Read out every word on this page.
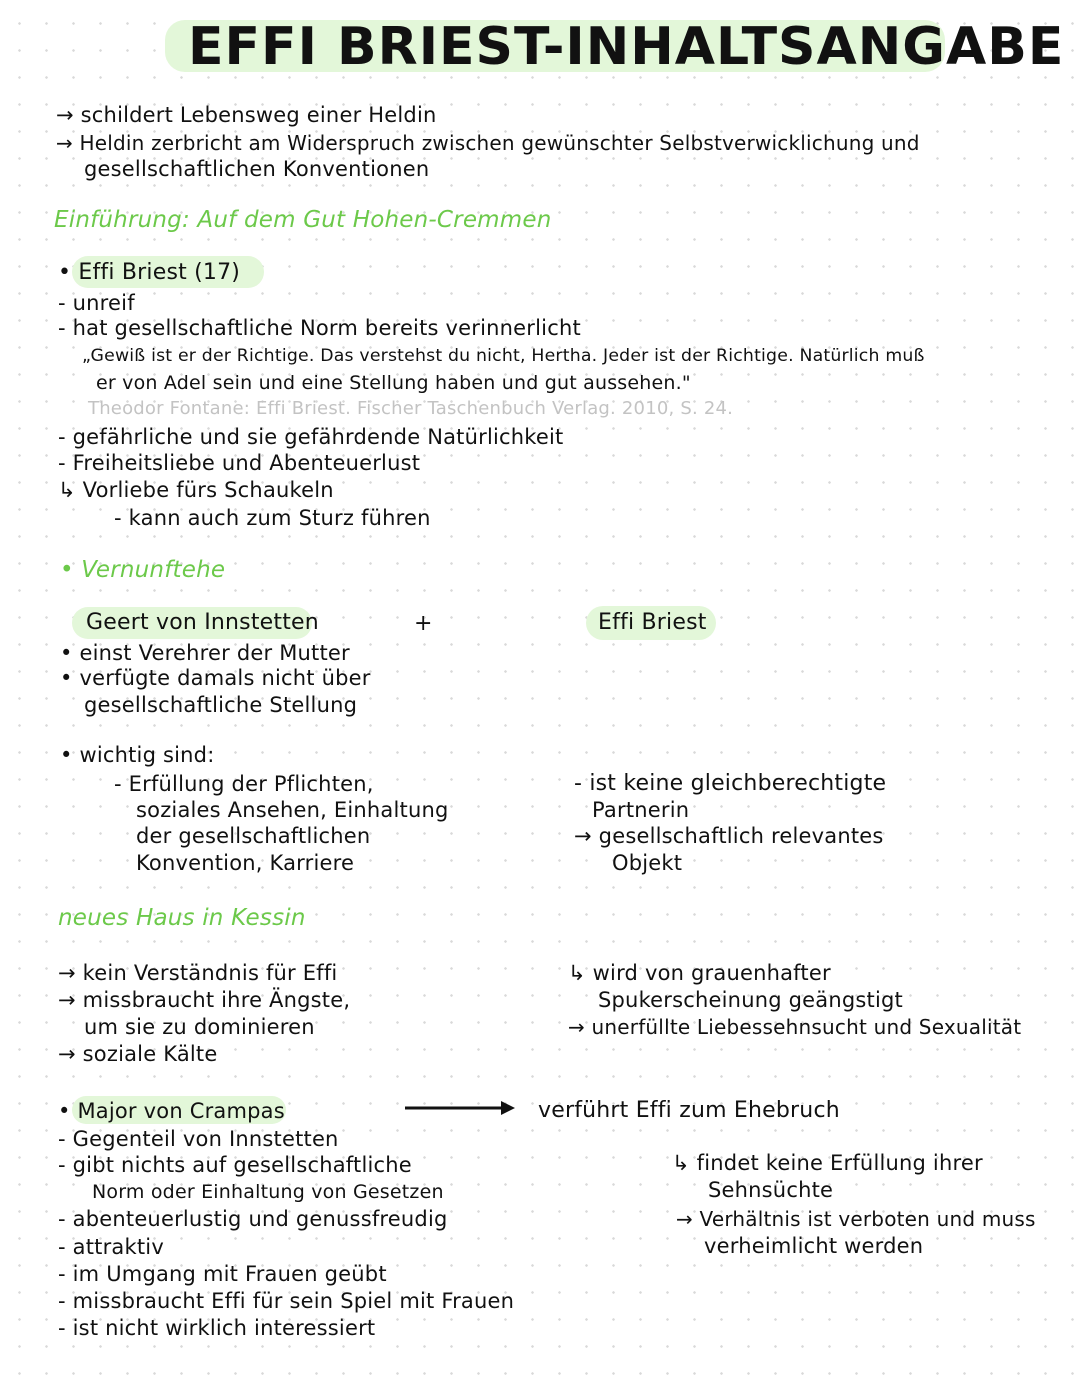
EFFI BRIEST-INHALTSANGABE
→ schildert Lebensweg einer Heldin
→ Heldin zerbricht am Widerspruch zwischen gewünschter Selbstverwicklichung und
gesellschaftlichen Konventionen
Einführung: Auf dem Gut Hohen-Cremmen
• Effi Briest (17)
- unreif
- hat gesellschaftliche Norm bereits verinnerlicht
„Gewiß ist er der Richtige. Das verstehst du nicht, Hertha. Jeder ist der Richtige. Natürlich muß
er von Adel sein und eine Stellung haben und gut aussehen."
Theodor Fontane: Effi Briest. Fischer Taschenbuch Verlag. 2010, S. 24.
- gefährliche und sie gefährdende Natürlichkeit
- Freiheitsliebe und Abenteuerlust
↳ Vorliebe fürs Schaukeln
- kann auch zum Sturz führen
• Vernunftehe
Geert von Innstetten	+	Effi Briest
• einst Verehrer der Mutter
• verfügte damals nicht über
gesellschaftliche Stellung
• wichtig sind:
- Erfüllung der Pflichten,
soziales Ansehen, Einhaltung
der gesellschaftlichen
Konvention, Karriere
- ist keine gleichberechtigte
Partnerin
→ gesellschaftlich relevantes
Objekt
neues Haus in Kessin
→ kein Verständnis für Effi
→ missbraucht ihre Ängste,
um sie zu dominieren
→ soziale Kälte
↳ wird von grauenhafter
Spukerscheinung geängstigt
→ unerfüllte Liebessehnsucht und Sexualität
• Major von Crampas	verführt Effi zum Ehebruch
- Gegenteil von Innstetten
- gibt nichts auf gesellschaftliche
Norm oder Einhaltung von Gesetzen
- abenteuerlustig und genussfreudig
- attraktiv
- im Umgang mit Frauen geübt
- missbraucht Effi für sein Spiel mit Frauen
- ist nicht wirklich interessiert
↳ findet keine Erfüllung ihrer
Sehnsüchte
→ Verhältnis ist verboten und muss
verheimlicht werden
